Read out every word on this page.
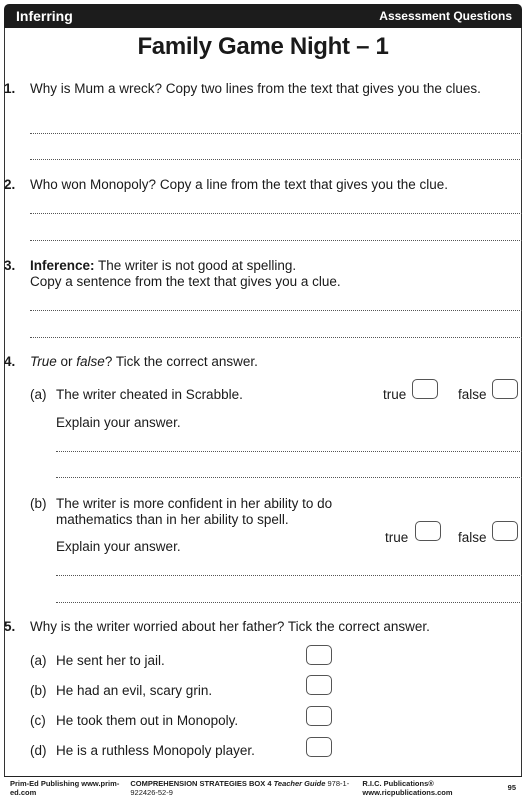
Inferring	Assessment Questions
Family Game Night – 1
1. Why is Mum a wreck? Copy two lines from the text that gives you the clues.
2. Who won Monopoly? Copy a line from the text that gives you the clue.
3. Inference: The writer is not good at spelling.
Copy a sentence from the text that gives you a clue.
4. True or false? Tick the correct answer.
(a) The writer cheated in Scrabble.	true	false
Explain your answer.
(b) The writer is more confident in her ability to do
mathematics than in her ability to spell.
true	false
Explain your answer.
5. Why is the writer worried about her father? Tick the correct answer.
(a) He sent her to jail.
(b) He had an evil, scary grin.
(c) He took them out in Monopoly.
(d) He is a ruthless Monopoly player.
Prim-Ed Publishing www.prim-ed.com
COMPREHENSION STRATEGIES BOX 4 Teacher Guide 978-1-922426-52-9
R.I.C. Publications® www.ricpublications.com	95
